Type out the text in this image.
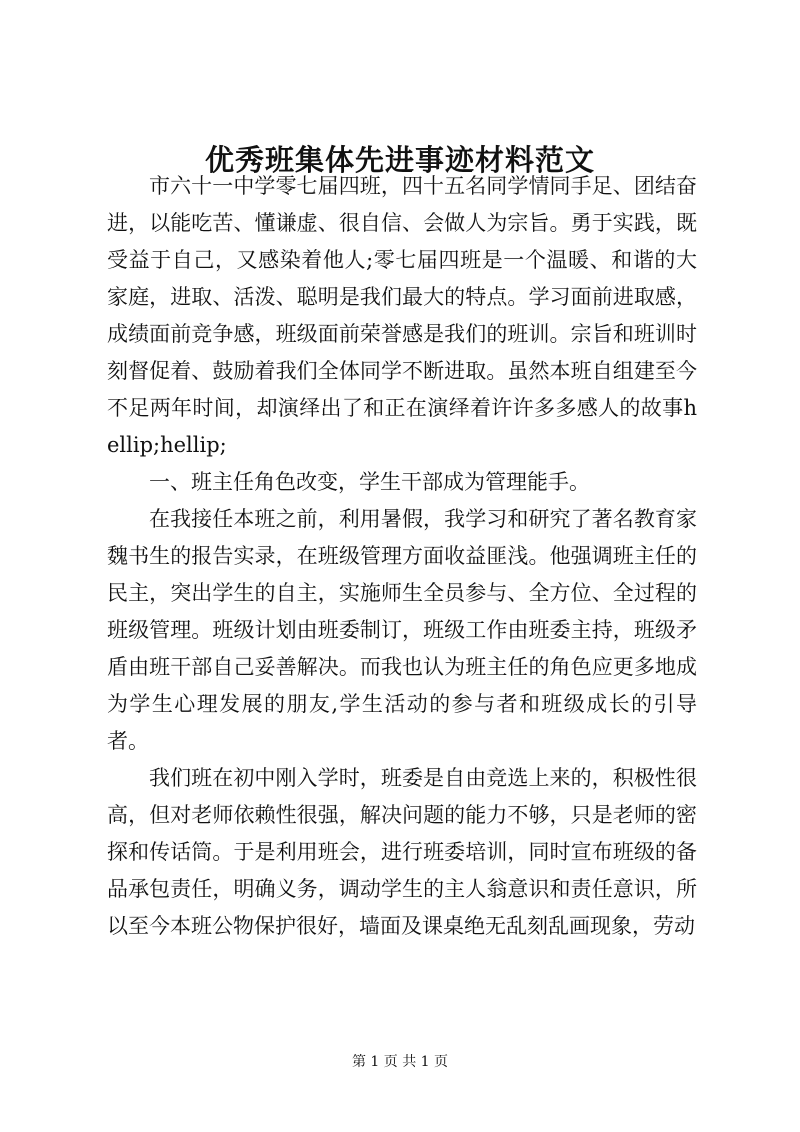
优秀班集体先进事迹材料范文

市六十一中学零七届四班，四十五名同学情同手足、团结奋进，以能吃苦、懂谦虚、很自信、会做人为宗旨。勇于实践，既受益于自己，又感染着他人;零七届四班是一个温暖、和谐的大家庭，进取、活泼、聪明是我们最大的特点。学习面前进取感，成绩面前竞争感，班级面前荣誉感是我们的班训。宗旨和班训时刻督促着、鼓励着我们全体同学不断进取。虽然本班自组建至今不足两年时间，却演绎出了和正在演绎着许许多多感人的故事hellip;hellip;

一、班主任角色改变，学生干部成为管理能手。

在我接任本班之前，利用暑假，我学习和研究了著名教育家魏书生的报告实录，在班级管理方面收益匪浅。他强调班主任的民主，突出学生的自主，实施师生全员参与、全方位、全过程的班级管理。班级计划由班委制订，班级工作由班委主持，班级矛盾由班干部自己妥善解决。而我也认为班主任的角色应更多地成为学生心理发展的朋友,学生活动的参与者和班级成长的引导者。

我们班在初中刚入学时，班委是自由竞选上来的，积极性很高，但对老师依赖性很强，解决问题的能力不够，只是老师的密探和传话筒。于是利用班会，进行班委培训，同时宣布班级的备品承包责任，明确义务，调动学生的主人翁意识和责任意识，所以至今本班公物保护很好，墙面及课桌绝无乱刻乱画现象，劳动

第 1 页 共 1 页
